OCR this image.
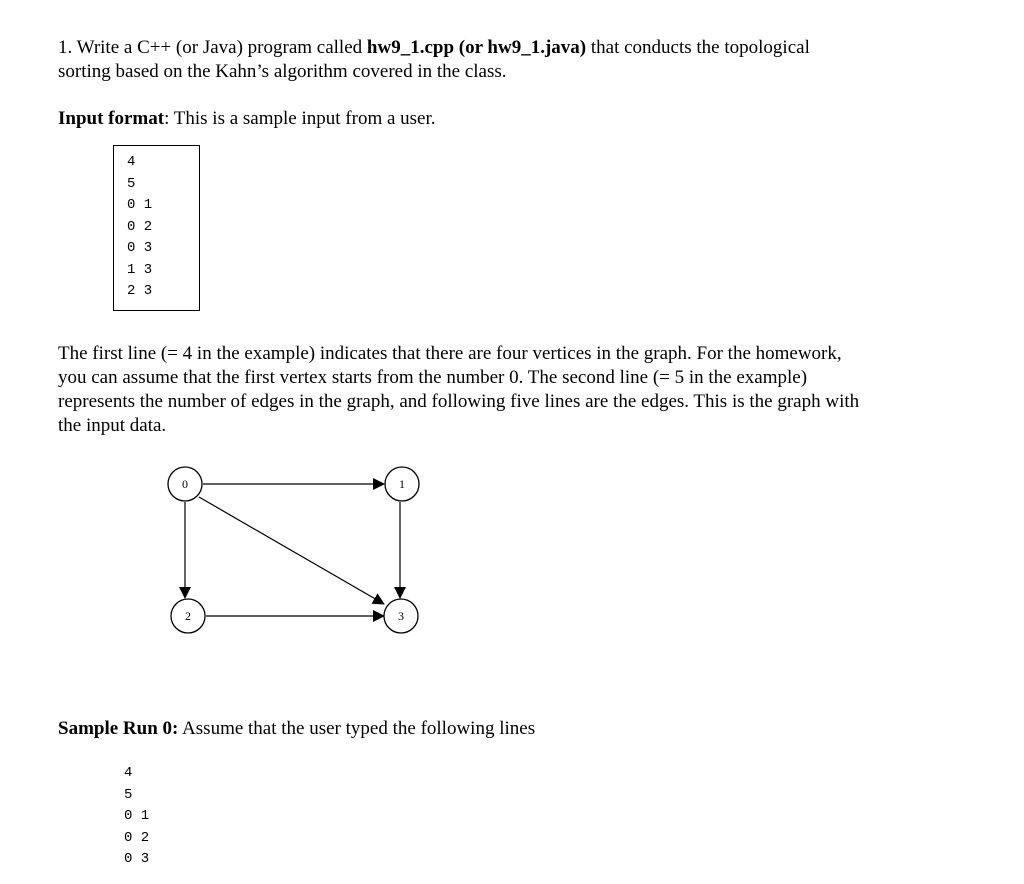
1. Write a C++ (or Java) program called hw9_1.cpp (or hw9_1.java) that conducts the topological
sorting based on the Kahn’s algorithm covered in the class.

Input format: This is a sample input from a user.

4
5
0 1
0 2
0 3
1 3
2 3

The first line (= 4 in the example) indicates that there are four vertices in the graph. For the homework,
you can assume that the first vertex starts from the number 0. The second line (= 5 in the example)
represents the number of edges in the graph, and following five lines are the edges. This is the graph with
the input data.

0	1
2	3

Sample Run 0: Assume that the user typed the following lines

4
5
0 1
0 2
0 3
